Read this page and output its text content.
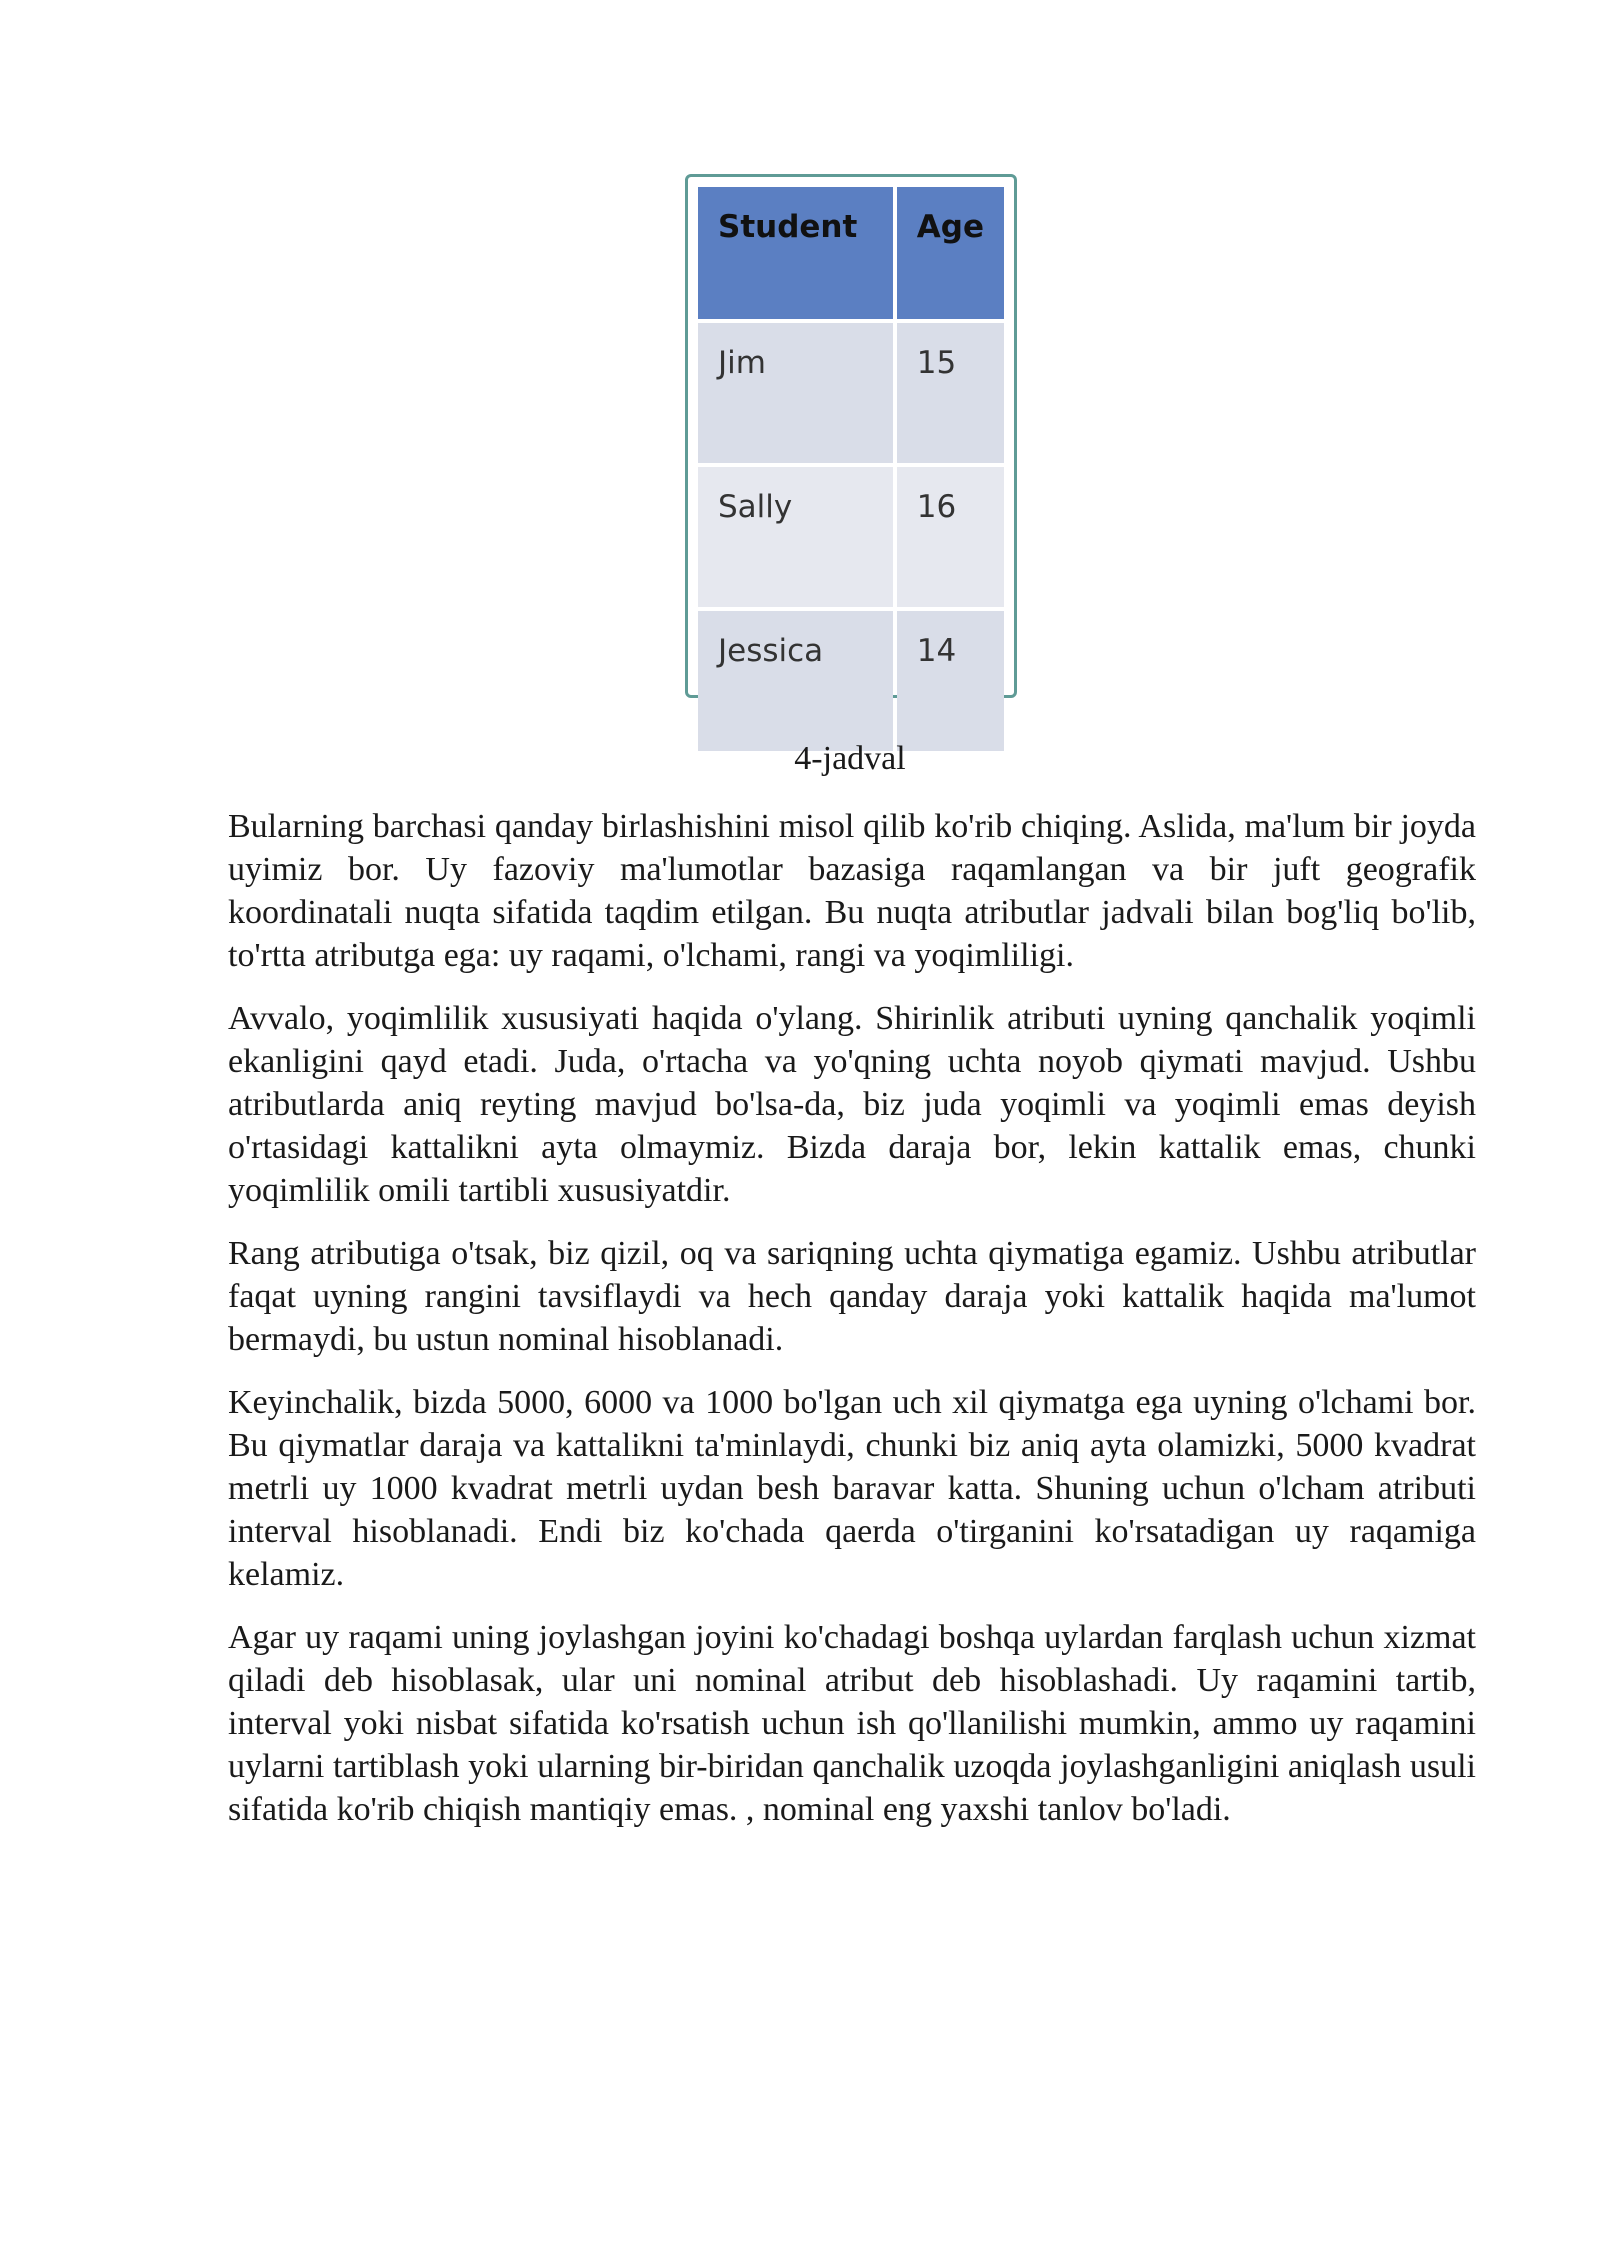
Student	Age
Jim	15
Sally	16
Jessica	14
4-jadval

Bularning barchasi qanday birlashishini misol qilib ko'rib chiqing. Aslida, ma'lum bir joyda uyimiz bor. Uy fazoviy ma'lumotlar bazasiga raqamlangan va bir juft geografik koordinatali nuqta sifatida taqdim etilgan. Bu nuqta atributlar jadvali bilan bog'liq bo'lib, to'rtta atributga ega: uy raqami, o'lchami, rangi va yoqimliligi.

Avvalo, yoqimlilik xususiyati haqida o'ylang. Shirinlik atributi uyning qanchalik yoqimli ekanligini qayd etadi. Juda, o'rtacha va yo'qning uchta noyob qiymati mavjud. Ushbu atributlarda aniq reyting mavjud bo'lsa-da, biz juda yoqimli va yoqimli emas deyish o'rtasidagi kattalikni ayta olmaymiz. Bizda daraja bor, lekin kattalik emas, chunki yoqimlilik omili tartibli xususiyatdir.

Rang atributiga o'tsak, biz qizil, oq va sariqning uchta qiymatiga egamiz. Ushbu atributlar faqat uyning rangini tavsiflaydi va hech qanday daraja yoki kattalik haqida ma'lumot bermaydi, bu ustun nominal hisoblanadi.

Keyinchalik, bizda 5000, 6000 va 1000 bo'lgan uch xil qiymatga ega uyning o'lchami bor. Bu qiymatlar daraja va kattalikni ta'minlaydi, chunki biz aniq ayta olamizki, 5000 kvadrat metrli uy 1000 kvadrat metrli uydan besh baravar katta. Shuning uchun o'lcham atributi interval hisoblanadi. Endi biz ko'chada qaerda o'tirganini ko'rsatadigan uy raqamiga kelamiz.

Agar uy raqami uning joylashgan joyini ko'chadagi boshqa uylardan farqlash uchun xizmat qiladi deb hisoblasak, ular uni nominal atribut deb hisoblashadi. Uy raqamini tartib, interval yoki nisbat sifatida ko'rsatish uchun ish qo'llanilishi mumkin, ammo uy raqamini uylarni tartiblash yoki ularning bir-biridan qanchalik uzoqda joylashganligini aniqlash usuli sifatida ko'rib chiqish mantiqiy emas. , nominal eng yaxshi tanlov bo'ladi.
